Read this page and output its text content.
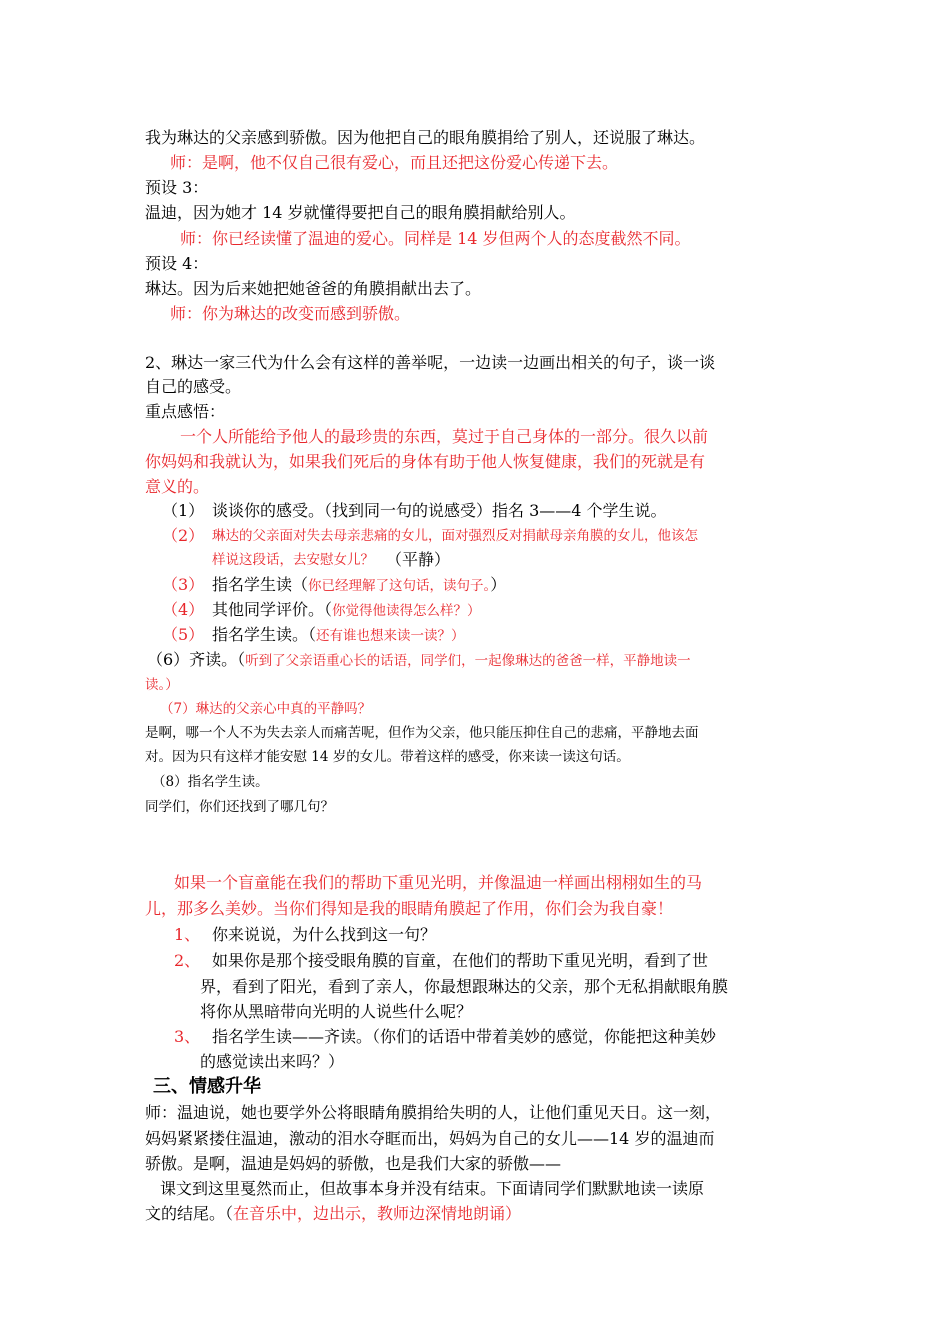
我为琳达的父亲感到骄傲。因为他把自己的眼角膜捐给了别人，还说服了琳达。
师：是啊，他不仅自己很有爱心，而且还把这份爱心传递下去。
预设 3：
温迪，因为她才 14 岁就懂得要把自己的眼角膜捐献给别人。
师：你已经读懂了温迪的爱心。同样是 14 岁但两个人的态度截然不同。
预设 4：
琳达。因为后来她把她爸爸的角膜捐献出去了。
师：你为琳达的改变而感到骄傲。
2、琳达一家三代为什么会有这样的善举呢，一边读一边画出相关的句子，谈一谈
自己的感受。
重点感悟：
一个人所能给予他人的最珍贵的东西，莫过于自己身体的一部分。很久以前
你妈妈和我就认为，如果我们死后的身体有助于他人恢复健康，我们的死就是有
意义的。
（1） 谈谈你的感受。（找到同一句的说感受）指名 3——4 个学生说。
（2） 琳达的父亲面对失去母亲悲痛的女儿，面对强烈反对捐献母亲角膜的女儿，他该怎
样说这段话，去安慰女儿？ （平静）
（3） 指名学生读（你已经理解了这句话，读句子。）
（4） 其他同学评价。（你觉得他读得怎么样？）
（5） 指名学生读。（还有谁也想来读一读？）
（6）齐读。（听到了父亲语重心长的话语，同学们，一起像琳达的爸爸一样，平静地读一
读。）
（7）琳达的父亲心中真的平静吗？
是啊，哪一个人不为失去亲人而痛苦呢，但作为父亲，他只能压抑住自己的悲痛，平静地去面
对。因为只有这样才能安慰 14 岁的女儿。带着这样的感受，你来读一读这句话。
（8）指名学生读。
同学们，你们还找到了哪几句？
如果一个盲童能在我们的帮助下重见光明，并像温迪一样画出栩栩如生的马
儿，那多么美妙。当你们得知是我的眼睛角膜起了作用，你们会为我自豪！
1、 你来说说，为什么找到这一句？
2、 如果你是那个接受眼角膜的盲童，在他们的帮助下重见光明，看到了世
界，看到了阳光，看到了亲人，你最想跟琳达的父亲，那个无私捐献眼角膜
将你从黑暗带向光明的人说些什么呢？
3、 指名学生读——齐读。（你们的话语中带着美妙的感觉，你能把这种美妙
的感觉读出来吗？）
三、情感升华
师：温迪说，她也要学外公将眼睛角膜捐给失明的人，让他们重见天日。这一刻，
妈妈紧紧搂住温迪，激动的泪水夺眶而出，妈妈为自己的女儿——14 岁的温迪而
骄傲。是啊，温迪是妈妈的骄傲，也是我们大家的骄傲——
课文到这里戛然而止，但故事本身并没有结束。下面请同学们默默地读一读原
文的结尾。（在音乐中，边出示，教师边深情地朗诵）
